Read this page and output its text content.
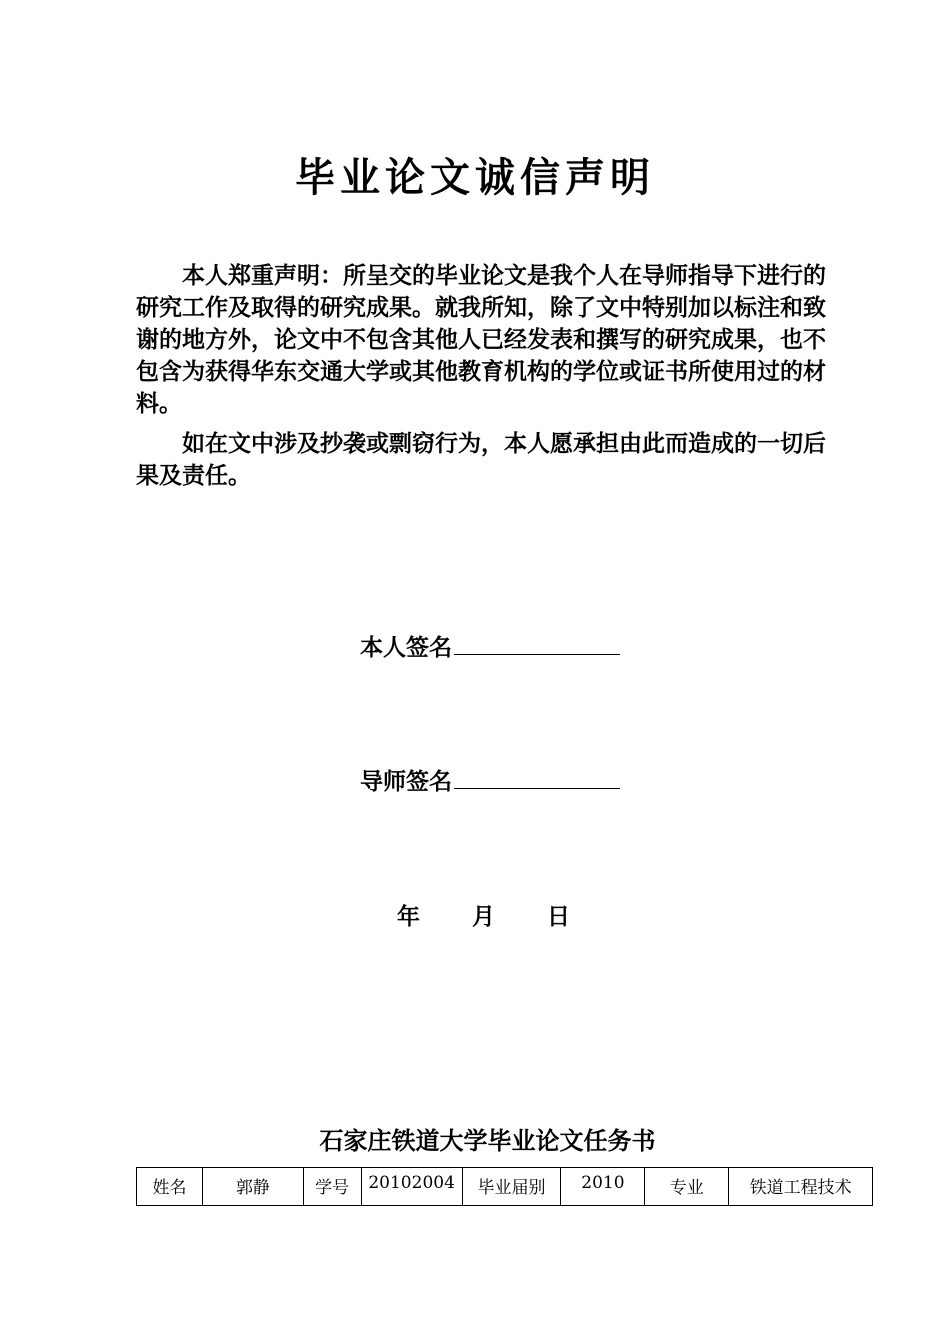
毕业论文诚信声明

本人郑重声明：所呈交的毕业论文是我个人在导师指导下进行的研究工作及取得的研究成果。就我所知，除了文中特别加以标注和致谢的地方外，论文中不包含其他人已经发表和撰写的研究成果，也不包含为获得华东交通大学或其他教育机构的学位或证书所使用过的材料。

如在文中涉及抄袭或剽窃行为，本人愿承担由此而造成的一切后果及责任。

本人签名
导师签名
年 月 日
石家庄铁道大学毕业论文任务书
姓名	郭静	学号	20102004	毕业届别	2010	专业	铁道工程技术
